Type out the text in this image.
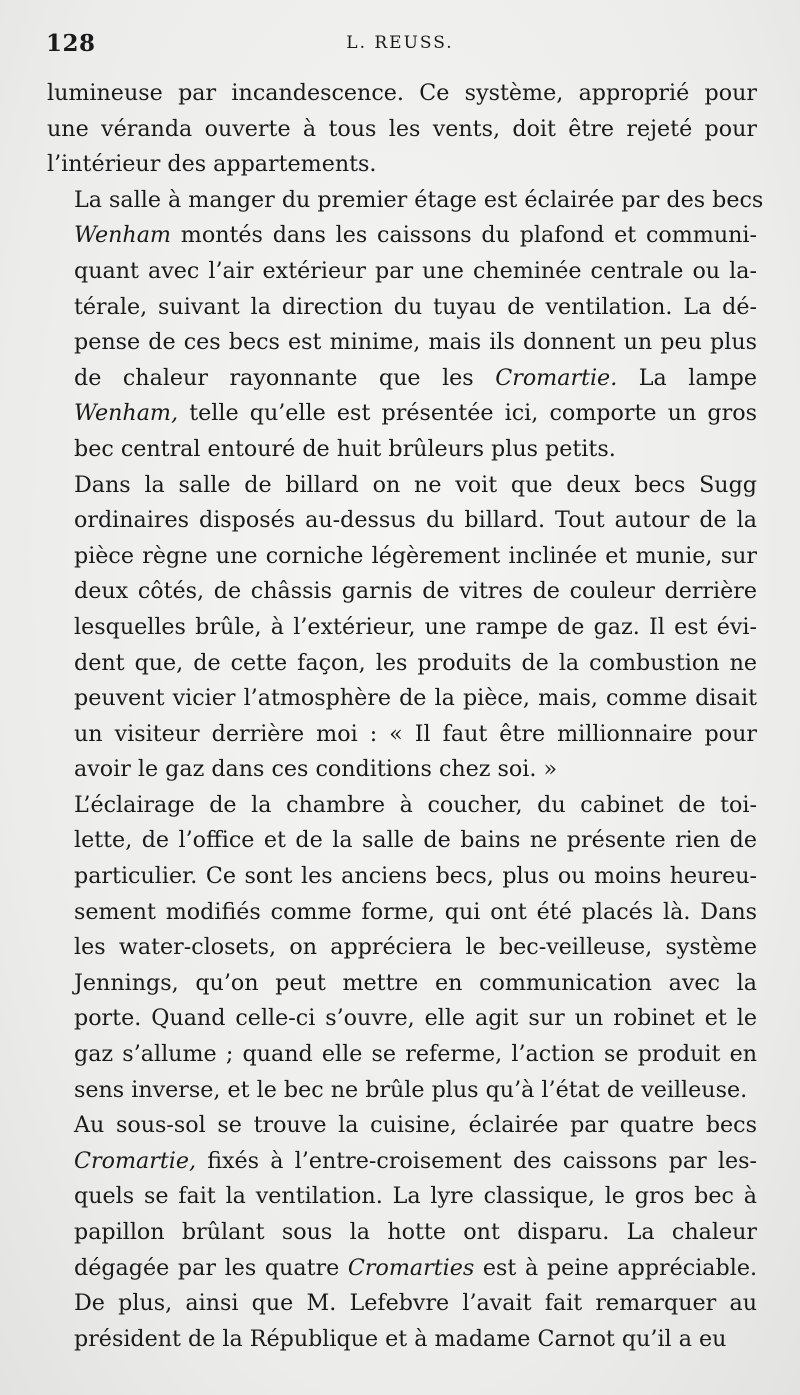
128	L. REUSS.

lumineuse par incandescence. Ce système, approprié pour
une véranda ouverte à tous les vents, doit être rejeté pour
l’intérieur des appartements.

La salle à manger du premier étage est éclairée par des becs
Wenham montés dans les caissons du plafond et communi-
quant avec l’air extérieur par une cheminée centrale ou la-
térale, suivant la direction du tuyau de ventilation. La dé-
pense de ces becs est minime, mais ils donnent un peu plus
de chaleur rayonnante que les Cromartie. La lampe
Wenham, telle qu’elle est présentée ici, comporte un gros
bec central entouré de huit brûleurs plus petits.

Dans la salle de billard on ne voit que deux becs Sugg
ordinaires disposés au-dessus du billard. Tout autour de la
pièce règne une corniche légèrement inclinée et munie, sur
deux côtés, de châssis garnis de vitres de couleur derrière
lesquelles brûle, à l’extérieur, une rampe de gaz. Il est évi-
dent que, de cette façon, les produits de la combustion ne
peuvent vicier l’atmosphère de la pièce, mais, comme disait
un visiteur derrière moi : « Il faut être millionnaire pour
avoir le gaz dans ces conditions chez soi. »

L’éclairage de la chambre à coucher, du cabinet de toi-
lette, de l’office et de la salle de bains ne présente rien de
particulier. Ce sont les anciens becs, plus ou moins heureu-
sement modifiés comme forme, qui ont été placés là. Dans
les water-closets, on appréciera le bec-veilleuse, système
Jennings, qu’on peut mettre en communication avec la
porte. Quand celle-ci s’ouvre, elle agit sur un robinet et le
gaz s’allume ; quand elle se referme, l’action se produit en
sens inverse, et le bec ne brûle plus qu’à l’état de veilleuse.

Au sous-sol se trouve la cuisine, éclairée par quatre becs
Cromartie, fixés à l’entre-croisement des caissons par les-
quels se fait la ventilation. La lyre classique, le gros bec à
papillon brûlant sous la hotte ont disparu. La chaleur
dégagée par les quatre Cromarties est à peine appréciable.
De plus, ainsi que M. Lefebvre l’avait fait remarquer au
président de la République et à madame Carnot qu’il a eu
